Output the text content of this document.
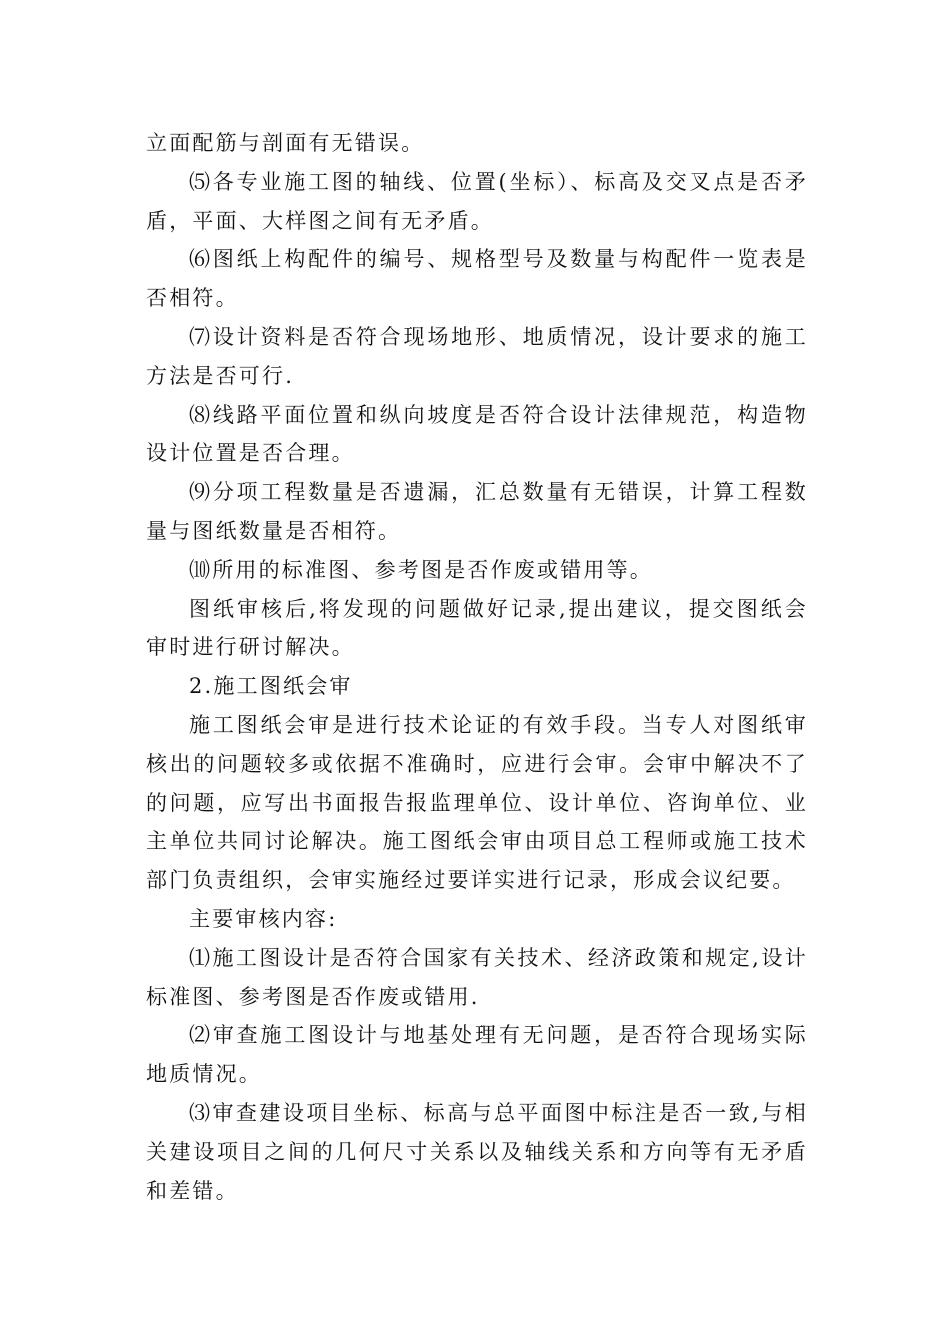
立面配筋与剖面有无错误。

⑸各专业施工图的轴线、位置(坐标）、标高及交叉点是否矛盾，平面、大样图之间有无矛盾。

⑹图纸上构配件的编号、规格型号及数量与构配件一览表是否相符。

⑺设计资料是否符合现场地形、地质情况，设计要求的施工方法是否可行.

⑻线路平面位置和纵向坡度是否符合设计法律规范，构造物设计位置是否合理。

⑼分项工程数量是否遗漏，汇总数量有无错误，计算工程数量与图纸数量是否相符。

⑽所用的标准图、参考图是否作废或错用等。

图纸审核后,将发现的问题做好记录,提出建议，提交图纸会审时进行研讨解决。

2.施工图纸会审

施工图纸会审是进行技术论证的有效手段。当专人对图纸审核出的问题较多或依据不准确时，应进行会审。会审中解决不了的问题，应写出书面报告报监理单位、设计单位、咨询单位、业主单位共同讨论解决。施工图纸会审由项目总工程师或施工技术部门负责组织，会审实施经过要详实进行记录，形成会议纪要。

主要审核内容:

⑴施工图设计是否符合国家有关技术、经济政策和规定,设计标准图、参考图是否作废或错用.

⑵审查施工图设计与地基处理有无问题，是否符合现场实际地质情况。

⑶审查建设项目坐标、标高与总平面图中标注是否一致,与相关建设项目之间的几何尺寸关系以及轴线关系和方向等有无矛盾和差错。
